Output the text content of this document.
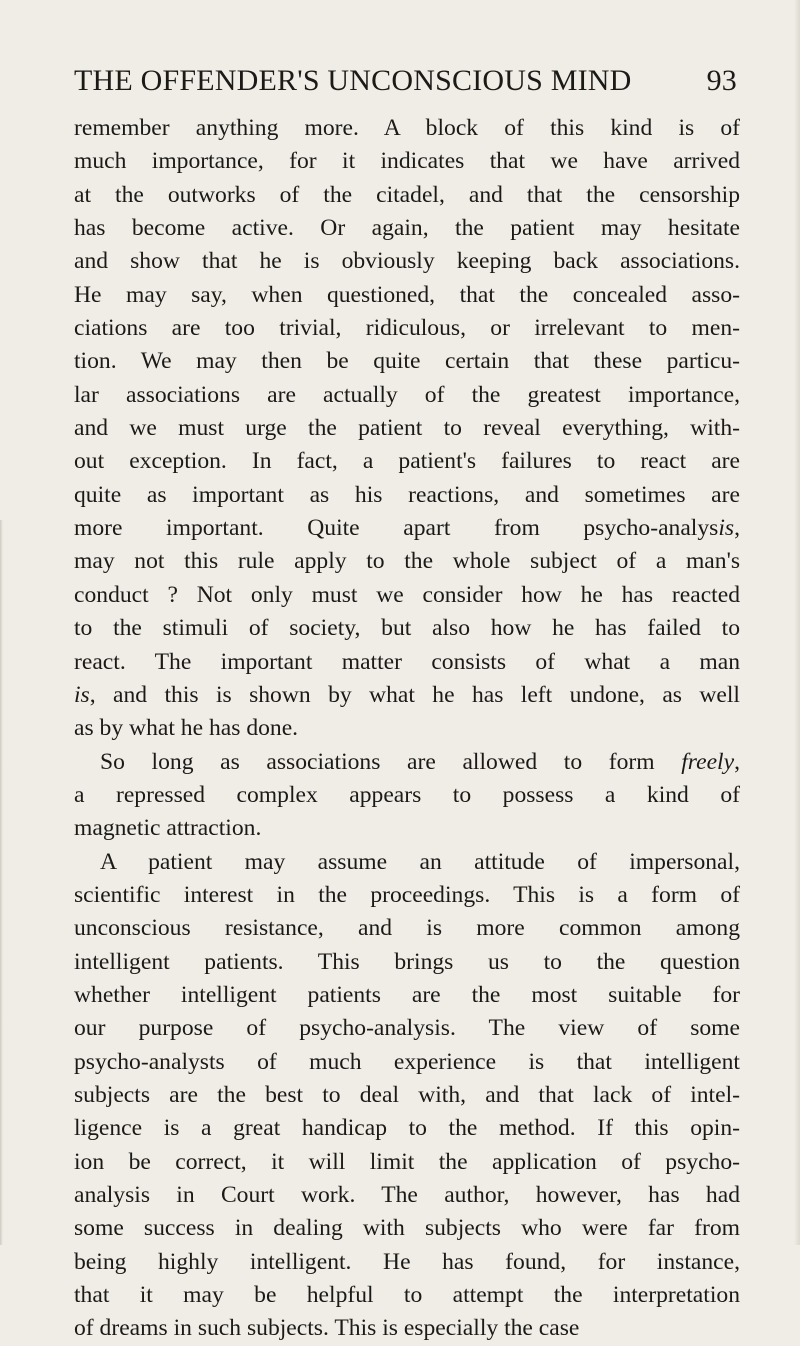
THE OFFENDER'S UNCONSCIOUS MIND	93
remember anything more. A block of this kind is of
much importance, for it indicates that we have arrived
at the outworks of the citadel, and that the censorship
has become active. Or again, the patient may hesitate
and show that he is obviously keeping back associations.
He may say, when questioned, that the concealed asso-
ciations are too trivial, ridiculous, or irrelevant to men-
tion. We may then be quite certain that these particu-
lar associations are actually of the greatest importance,
and we must urge the patient to reveal everything, with-
out exception. In fact, a patient's failures to react are
quite as important as his reactions, and sometimes are
more important. Quite apart from psycho-analysis,
may not this rule apply to the whole subject of a man's
conduct ? Not only must we consider how he has reacted
to the stimuli of society, but also how he has failed to
react. The important matter consists of what a man
is, and this is shown by what he has left undone, as well
as by what he has done.
So long as associations are allowed to form freely,
a repressed complex appears to possess a kind of
magnetic attraction.
A patient may assume an attitude of impersonal,
scientific interest in the proceedings. This is a form of
unconscious resistance, and is more common among
intelligent patients. This brings us to the question
whether intelligent patients are the most suitable for
our purpose of psycho-analysis. The view of some
psycho-analysts of much experience is that intelligent
subjects are the best to deal with, and that lack of intel-
ligence is a great handicap to the method. If this opin-
ion be correct, it will limit the application of psycho-
analysis in Court work. The author, however, has had
some success in dealing with subjects who were far from
being highly intelligent. He has found, for instance,
that it may be helpful to attempt the interpretation
of dreams in such subjects. This is especially the case
